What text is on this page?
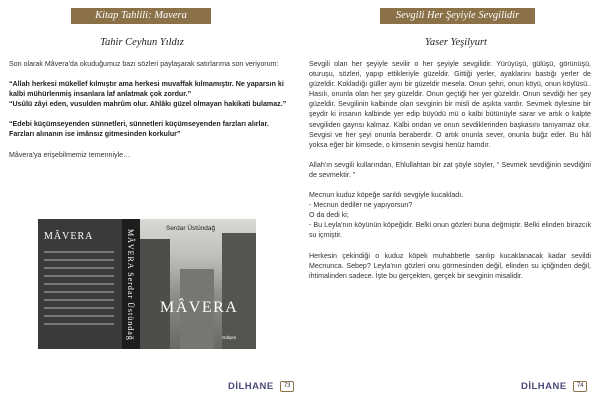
Kitap Tahlili: Mavera
Tahir Ceyhun Yıldız

Son olarak Mâvera'da okuduğumuz bazı sözleri paylaşarak satırlarıma son veriyorum:

“Allah herkesi mükellef kılmıştır ama herkesi muvaffak kılmamıştır. Ne yaparsın ki kalbi mühürlenmiş insanlara laf anlatmak çok zordur.”

“Usûlü zâyi eden, vusulden mahrûm olur. Ahlâkı güzel olmayan hakikati bulamaz.”

“Edebi küçümseyenden sünnetleri, sünnetleri küçümseyenden farzları alırlar. Farzları alınanın ise imânsız gitmesinden korkulur”

Mâvera'ya erişebilmemiz temenniyle…

MÂVERA	MÂVERA Serdar Üstündağ
Serdar Üstündağ
MÂVERA
Gülşen
DİLHANE 73
Sevgili Her Şeyiyle Sevgilidir
Yaser Yeşilyurt

Sevgili olan her şeyiyle sevilir o her şeyiyle sevgilidir. Yürüyüşü, gülüşü, görünüşü, oturuşu, sözleri, yapıp ettikleriyle güzeldir. Gittiği yerler, ayaklarını bastığı yerler de güzeldir. Kokladığı güller aynı bir güzeldir mesela. Onun şehri, onun köyü, onun köylüsü.. Hasılı, onunla olan her şey güzeldir. Onun geçtiği her yer güzeldir. Onun sevdiği her şey güzeldir. Sevgilinin kalbinde olan sevginin bir misli de aşıkta vardır. Sevmek öylesine bir şeydir ki insanın kalbinde yer edip büyüdü mü o kalbi bütünüyle sarar ve artık o kalpte sevgiliden gayrısı kalmaz. Kalbi ondan ve onun sevdiklerinden başkasını tanıyamaz olur. Sevgisi ve her şeyi onunla beraberdir. O artık onunla sever, onunla buğz eder. Bu hâl yoksa eğer bir kimsede, o kimsenin sevgisi henüz hamdır.

Allah'ın sevgili kullarından, Ehlullahtan bir zat şöyle söyler, “ Sevmek sevdiğinin sevdiğini de sevmektir. ”

Mecnun kuduz köpeğe sarıldı sevgiyle kucakladı.
- Mecnun dediler ne yapıyorsun?
O da dedi ki;
- Bu Leyla'nın köyünün köpeğidir. Belki onun gözleri buna değmiştir. Belki elinden birazcık su içmiştir.

Herkesin çekindiği o kuduz köpek muhabbetle sarılıp kucaklanacak kadar sevildi Mecnunca. Sebep? Leyla'nın gözleri onu görmesinden değil, elinden su içtiğinden değil, ihtimalinden sadece. İşte bu gerçekten, gerçek bir sevginin misalidir.

DİLHANE 74
